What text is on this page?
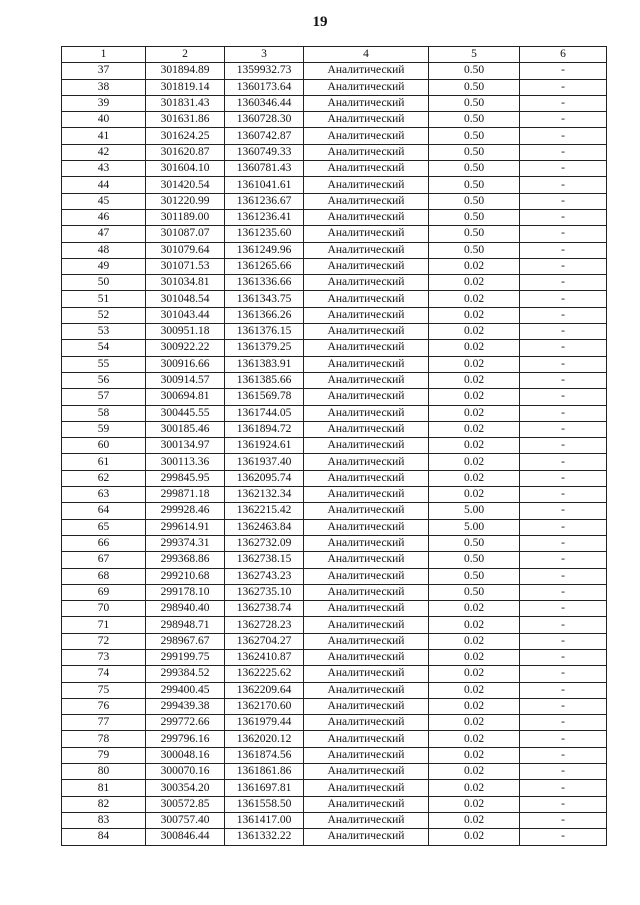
19
1	2	3	4	5	6
37	301894.89	1359932.73	Аналитический	0.50	-
38	301819.14	1360173.64	Аналитический	0.50	-
39	301831.43	1360346.44	Аналитический	0.50	-
40	301631.86	1360728.30	Аналитический	0.50	-
41	301624.25	1360742.87	Аналитический	0.50	-
42	301620.87	1360749.33	Аналитический	0.50	-
43	301604.10	1360781.43	Аналитический	0.50	-
44	301420.54	1361041.61	Аналитический	0.50	-
45	301220.99	1361236.67	Аналитический	0.50	-
46	301189.00	1361236.41	Аналитический	0.50	-
47	301087.07	1361235.60	Аналитический	0.50	-
48	301079.64	1361249.96	Аналитический	0.50	-
49	301071.53	1361265.66	Аналитический	0.02	-
50	301034.81	1361336.66	Аналитический	0.02	-
51	301048.54	1361343.75	Аналитический	0.02	-
52	301043.44	1361366.26	Аналитический	0.02	-
53	300951.18	1361376.15	Аналитический	0.02	-
54	300922.22	1361379.25	Аналитический	0.02	-
55	300916.66	1361383.91	Аналитический	0.02	-
56	300914.57	1361385.66	Аналитический	0.02	-
57	300694.81	1361569.78	Аналитический	0.02	-
58	300445.55	1361744.05	Аналитический	0.02	-
59	300185.46	1361894.72	Аналитический	0.02	-
60	300134.97	1361924.61	Аналитический	0.02	-
61	300113.36	1361937.40	Аналитический	0.02	-
62	299845.95	1362095.74	Аналитический	0.02	-
63	299871.18	1362132.34	Аналитический	0.02	-
64	299928.46	1362215.42	Аналитический	5.00	-
65	299614.91	1362463.84	Аналитический	5.00	-
66	299374.31	1362732.09	Аналитический	0.50	-
67	299368.86	1362738.15	Аналитический	0.50	-
68	299210.68	1362743.23	Аналитический	0.50	-
69	299178.10	1362735.10	Аналитический	0.50	-
70	298940.40	1362738.74	Аналитический	0.02	-
71	298948.71	1362728.23	Аналитический	0.02	-
72	298967.67	1362704.27	Аналитический	0.02	-
73	299199.75	1362410.87	Аналитический	0.02	-
74	299384.52	1362225.62	Аналитический	0.02	-
75	299400.45	1362209.64	Аналитический	0.02	-
76	299439.38	1362170.60	Аналитический	0.02	-
77	299772.66	1361979.44	Аналитический	0.02	-
78	299796.16	1362020.12	Аналитический	0.02	-
79	300048.16	1361874.56	Аналитический	0.02	-
80	300070.16	1361861.86	Аналитический	0.02	-
81	300354.20	1361697.81	Аналитический	0.02	-
82	300572.85	1361558.50	Аналитический	0.02	-
83	300757.40	1361417.00	Аналитический	0.02	-
84	300846.44	1361332.22	Аналитический	0.02	-
